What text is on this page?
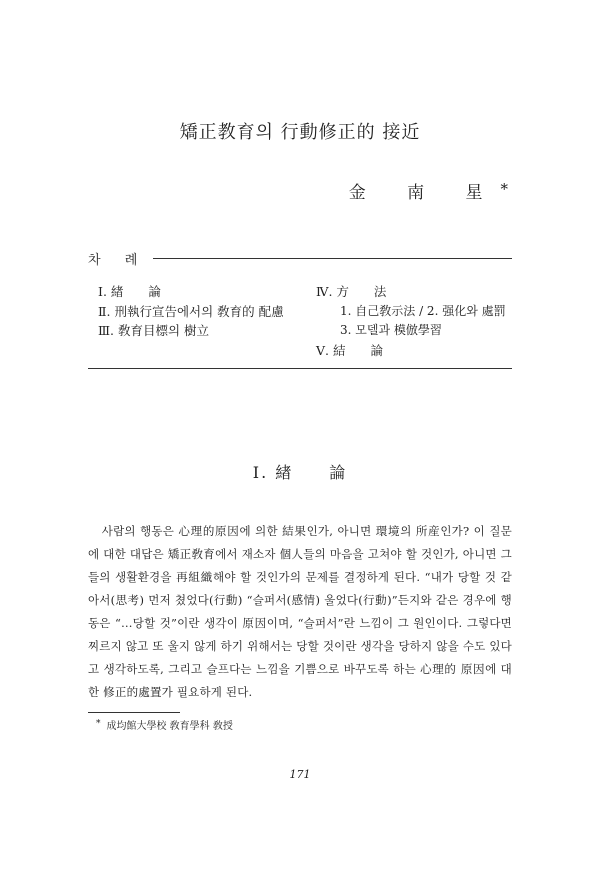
矯正教育의 行動修正的 接近
金 南 星*
차 례
Ⅰ. 緖　　論
Ⅱ. 刑執行宣告에서의 敎育的 配慮
Ⅲ. 敎育目標의 樹立
Ⅳ. 方　　法
1. 自己敎示法 / 2. 强化와 處罰
3. 모델과 模倣學習
Ⅴ. 結　　論
Ⅰ. 緖　　論

사람의 행동은 心理的原因에 의한 結果인가, 아니면 環境의 所産인가? 이 질문에 대한 대답은 矯正敎育에서 재소자 個人들의 마음을 고쳐야 할 것인가, 아니면 그들의 생활환경을 再組織해야 할 것인가의 문제를 결정하게 된다. “내가 당할 것 같아서(思考) 먼저 쳤었다(行動) “슬퍼서(感情) 울었다(行動)”든지와 같은 경우에 행동은 “…당할 것”이란 생각이 原因이며, “슬퍼서”란 느낌이 그 원인이다. 그렇다면 찌르지 않고 또 울지 않게 하기 위해서는 당할 것이란 생각을 당하지 않을 수도 있다고 생각하도록, 그리고 슬프다는 느낌을 기쁨으로 바꾸도록 하는 心理的 原因에 대한 修正的處置가 필요하게 된다.

* 成均館大學校 敎育學科 敎授
171
